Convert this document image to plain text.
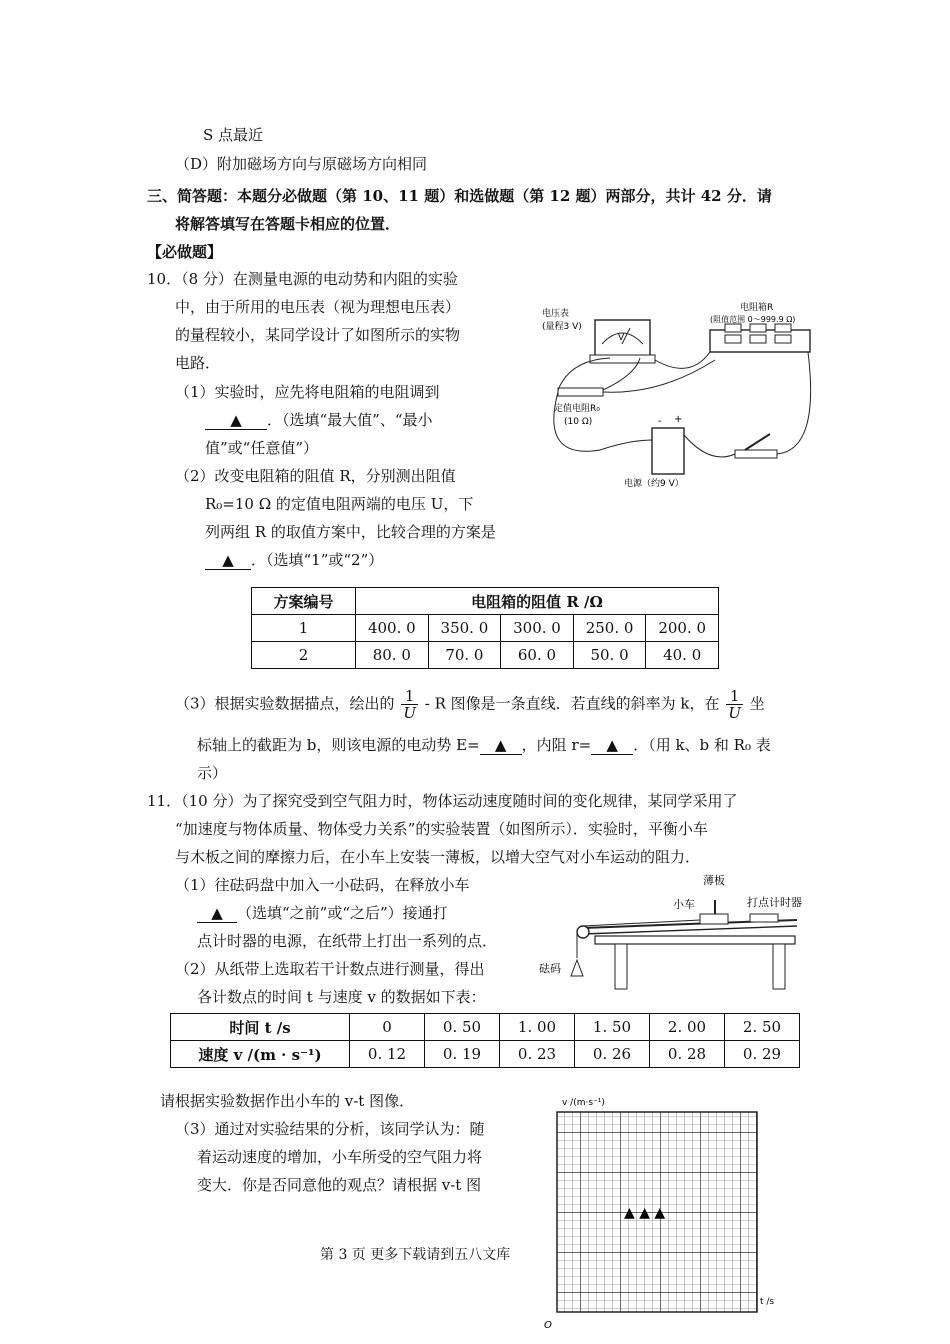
S 点最近
（D）附加磁场方向与原磁场方向相同
三、简答题：本题分必做题（第 10、11 题）和选做题（第 12 题）两部分，共计 42 分．请
将解答填写在答题卡相应的位置．
【必做题】
10．（8 分）在测量电源的电动势和内阻的实验
中，由于所用的电压表（视为理想电压表）
的量程较小，某同学设计了如图所示的实物
电路．
（1）实验时，应先将电阻箱的电阻调到
▲ ．（选填“最大值”、“最小
值”或“任意值”）
（2）改变电阻箱的阻值 R，分别测出阻值
R₀=10 Ω 的定值电阻两端的电压 U，下
列两组 R 的取值方案中，比较合理的方案是
▲ ．（选填“1”或“2”）
V
电压表
(量程3 V)
电阻箱R
(阻值范围 0～999.9 Ω)
定值电阻R₀
(10 Ω)	- +
电源（约9 V）
方案编号	电阻箱的阻值 R /Ω				
1	400. 0	350. 0	300. 0	250. 0	200. 0
2	80. 0	70. 0	60. 0	50. 0	40. 0
（3）根据实验数据描点，绘出的 $\frac{1}{U}$ - R 图像是一条直线．若直线的斜率为 k，在 $\frac{1}{U}$ 坐
标轴上的截距为 b，则该电源的电动势 E= ▲ ，内阻 r= ▲ ．（用 k、b 和 R₀ 表
示）
11．（10 分）为了探究受到空气阻力时，物体运动速度随时间的变化规律，某同学采用了
“加速度与物体质量、物体受力关系”的实验装置（如图所示）．实验时，平衡小车
与木板之间的摩擦力后，在小车上安装一薄板，以增大空气对小车运动的阻力．
（1）往砝码盘中加入一小砝码，在释放小车
▲ （选填“之前”或“之后”）接通打
点计时器的电源，在纸带上打出一系列的点．
（2）从纸带上选取若干计数点进行测量，得出
各计数点的时间 t 与速度 v 的数据如下表：
砝码
薄板
小车	打点计时器
时间 t /s	0	0. 50	1. 00	1. 50	2. 00	2. 50
速度 v /(m · s⁻¹)	0. 12	0. 19	0. 23	0. 26	0. 28	0. 29
请根据实验数据作出小车的 v-t 图像．
（3）通过对实验结果的分析，该同学认为：随
着运动速度的增加，小车所受的空气阻力将
变大．你是否同意他的观点？请根据 v-t 图
v /(m·s⁻¹)
t /s
O
▲ ▲ ▲
第 3 页 更多下载请到五八文库
